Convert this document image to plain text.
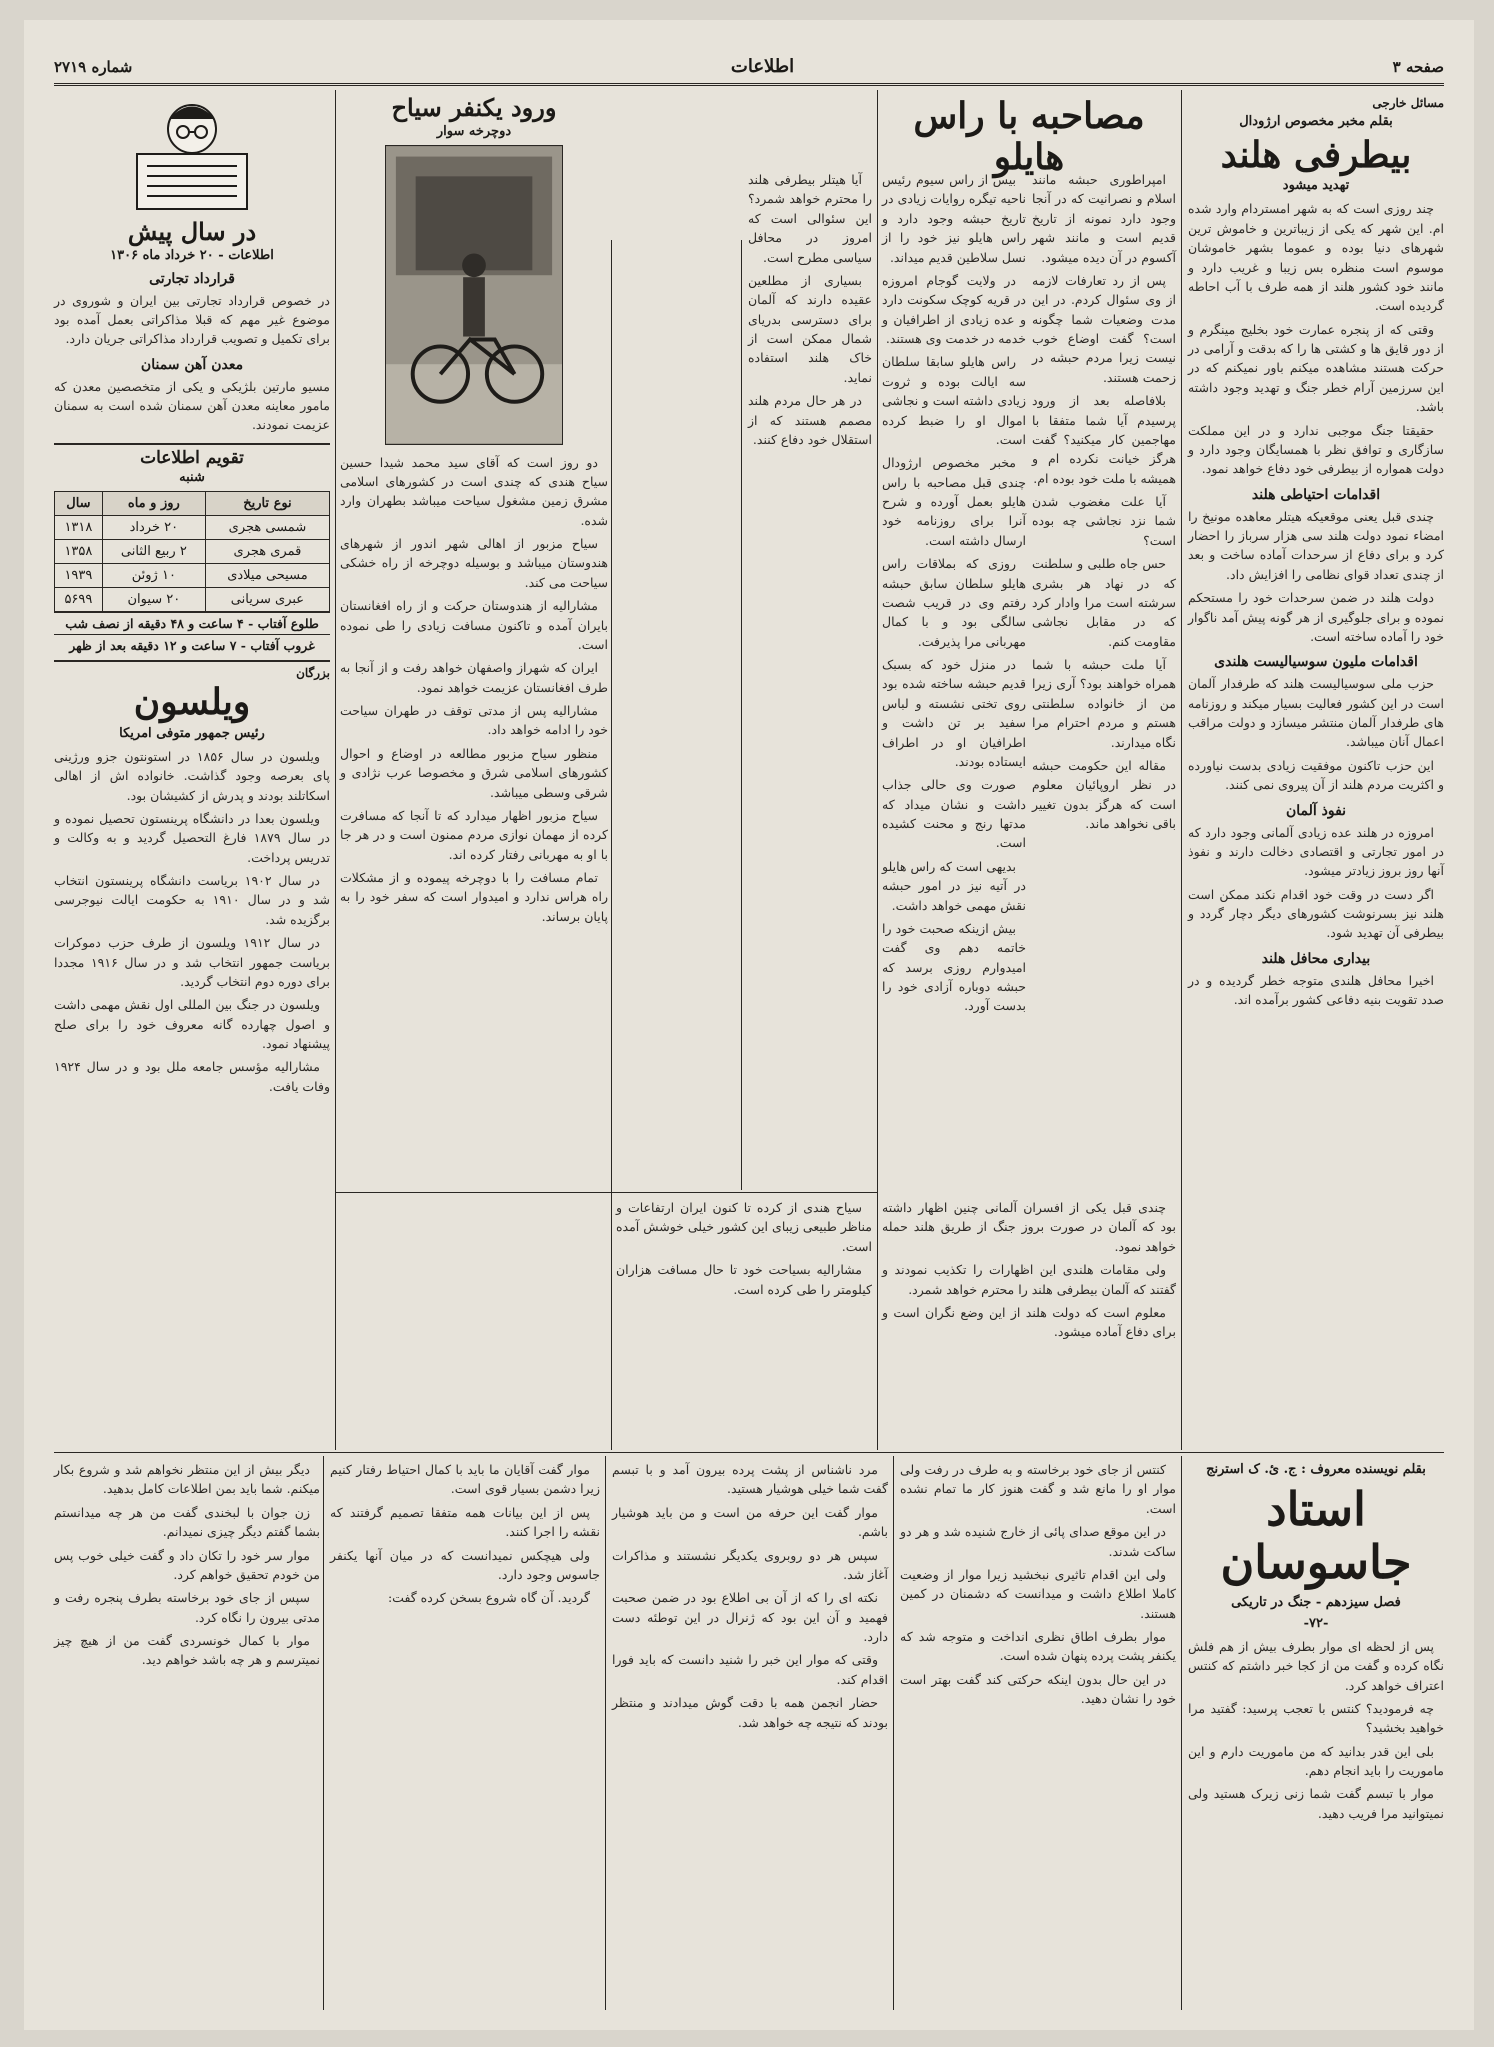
صفحه ۳
اطلاعات
شماره ۲۷۱۹
مسائل خارجی
بقلم مخبر مخصوص ارژودال
بیطرفی هلند
تهدید میشود

چند روزی است که به شهر امستردام وارد شده ام. این شهر که یکی از زیباترین و خاموش ترین شهرهای دنیا بوده و عموما بشهر خاموشان موسوم است منظره بس زیبا و غریب دارد و مانند خود کشور هلند از همه طرف با آب احاطه گردیده است.

وقتی که از پنجره عمارت خود بخلیج مینگرم و از دور قایق ها و کشتی ها را که بدقت و آرامی در حرکت هستند مشاهده میکنم باور نمیکنم که در این سرزمین آرام خطر جنگ و تهدید وجود داشته باشد.

حقیقتا جنگ موجبی ندارد و در این مملکت سازگاری و توافق نظر با همسایگان وجود دارد و دولت همواره از بیطرفی خود دفاع خواهد نمود.

اقدامات احتیاطی هلند

چندی قبل یعنی موقعیکه هیتلر معاهده مونیخ را امضاء نمود دولت هلند سی هزار سرباز را احضار کرد و برای دفاع از سرحدات آماده ساخت و بعد از چندی تعداد قوای نظامی را افزایش داد.

دولت هلند در ضمن سرحدات خود را مستحکم نموده و برای جلوگیری از هر گونه پیش آمد ناگوار خود را آماده ساخته است.

اقدامات ملیون سوسیالیست هلندی

حزب ملی سوسیالیست هلند که طرفدار آلمان است در این کشور فعالیت بسیار میکند و روزنامه های طرفدار آلمان منتشر میسازد و دولت مراقب اعمال آنان میباشد.

این حزب تاکنون موفقیت زیادی بدست نیاورده و اکثریت مردم هلند از آن پیروی نمی کنند.

نفوذ آلمان

امروزه در هلند عده زیادی آلمانی وجود دارد که در امور تجارتی و اقتصادی دخالت دارند و نفوذ آنها روز بروز زیادتر میشود.

اگر دست در وقت خود اقدام نکند ممکن است هلند نیز بسرنوشت کشورهای دیگر دچار گردد و بیطرفی آن تهدید شود.

بیداری محافل هلند

اخیرا محافل هلندی متوجه خطر گردیده و در صدد تقویت بنیه دفاعی کشور برآمده اند.

مصاحبه با راس هایلو

امپراطوری حبشه مانند اسلام و نصرانیت که در آنجا وجود دارد نمونه از تاریخ قدیم است و مانند شهر آکسوم در آن دیده میشود.

پس از رد تعارفات لازمه از وی سئوال کردم. در این مدت وضعیات شما چگونه است؟ گفت اوضاع خوب نیست زیرا مردم حبشه در زحمت هستند.

بلافاصله بعد از ورود پرسیدم آیا شما متفقا با مهاجمین کار میکنید؟ گفت هرگز خیانت نکرده ام و همیشه با ملت خود بوده ام.

آیا علت مغضوب شدن شما نزد نجاشی چه بوده است؟

حس جاه طلبی و سلطنت که در نهاد هر بشری سرشته است مرا وادار کرد که در مقابل نجاشی مقاومت کنم.

آیا ملت حبشه با شما همراه خواهند بود؟ آری زیرا من از خانواده سلطنتی هستم و مردم احترام مرا نگاه میدارند.

مقاله این حکومت حبشه در نظر اروپائیان معلوم است که هرگز بدون تغییر باقی نخواهد ماند.

بیس از راس سیوم رئیس ناحیه تیگره روایات زیادی در تاریخ حبشه وجود دارد و راس هایلو نیز خود را از نسل سلاطین قدیم میداند.

در ولایت گوجام امروزه در قریه کوچک سکونت دارد و عده زیادی از اطرافیان و خدمه در خدمت وی هستند.

راس هایلو سابقا سلطان سه ایالت بوده و ثروت زیادی داشته است و نجاشی اموال او را ضبط کرده است.

مخبر مخصوص ارژودال چندی قبل مصاحبه با راس هایلو بعمل آورده و شرح آنرا برای روزنامه خود ارسال داشته است.

روزی که بملاقات راس هایلو سلطان سابق حبشه رفتم وی در قریب شصت سالگی بود و با کمال مهربانی مرا پذیرفت.

در منزل خود که بسبک قدیم حبشه ساخته شده بود روی تختی نشسته و لباس سفید بر تن داشت و اطرافیان او در اطراف ایستاده بودند.

صورت وی حالی جذاب داشت و نشان میداد که مدتها رنج و محنت کشیده است.

بدیهی است که راس هایلو در آتیه نیز در امور حبشه نقش مهمی خواهد داشت.

بیش ازینکه صحبت خود را خاتمه دهم وی گفت امیدوارم روزی برسد که حبشه دوباره آزادی خود را بدست آورد.

آیا هیتلر بیطرفی هلند را محترم خواهد شمرد؟ این سئوالی است که امروز در محافل سیاسی مطرح است.

بسیاری از مطلعین عقیده دارند که آلمان برای دسترسی بدریای شمال ممکن است از خاک هلند استفاده نماید.

در هر حال مردم هلند مصمم هستند که از استقلال خود دفاع کنند.

چندی قبل یکی از افسران آلمانی چنین اظهار داشته بود که آلمان در صورت بروز جنگ از طریق هلند حمله خواهد نمود.

ولی مقامات هلندی این اظهارات را تکذیب نمودند و گفتند که آلمان بیطرفی هلند را محترم خواهد شمرد.

معلوم است که دولت هلند از این وضع نگران است و برای دفاع آماده میشود.

سیاح هندی از کرده تا کنون ایران ارتفاعات و مناظر طبیعی زیبای این کشور خیلی خوشش آمده است.

مشارالیه بسیاحت خود تا حال مسافت هزاران کیلومتر را طی کرده است.

ورود یکنفر سیاح
دوچرخه سوار

دو روز است که آقای سید محمد شیدا حسین سیاح هندی که چندی است در کشورهای اسلامی مشرق زمین مشغول سیاحت میباشد بطهران وارد شده.

سیاح مزبور از اهالی شهر اندور از شهرهای هندوستان میباشد و بوسیله دوچرخه از راه خشکی سیاحت می کند.

مشارالیه از هندوستان حرکت و از راه افغانستان بایران آمده و تاکنون مسافت زیادی را طی نموده است.

ایران که شهراز واصفهان خواهد رفت و از آنجا به طرف افغانستان عزیمت خواهد نمود.

مشارالیه پس از مدتی توقف در طهران سیاحت خود را ادامه خواهد داد.

منظور سیاح مزبور مطالعه در اوضاع و احوال کشورهای اسلامی شرق و مخصوصا عرب نژادی و شرقی وسطی میباشد.

سیاح مزبور اظهار میدارد که تا آنجا که مسافرت کرده از مهمان نوازی مردم ممنون است و در هر جا با او به مهربانی رفتار کرده اند.

تمام مسافت را با دوچرخه پیموده و از مشکلات راه هراس ندارد و امیدوار است که سفر خود را به پایان برساند.

در سال پیش
اطلاعات - ۲۰ خرداد ماه ۱۳۰۶
قرارداد تجارتی
در خصوص قرارداد تجارتی بین ایران و شوروی در موضوع غیر مهم که قبلا مذاکراتی بعمل آمده بود برای تکمیل و تصویب قرارداد مذاکراتی جریان دارد.
معدن آهن سمنان
مسیو مارتین بلژیکی و یکی از متخصصین معدن که مامور معاینه معدن آهن سمنان شده است به سمنان عزیمت نمودند.
تقویم اطلاعات
شنبه
نوع تاریخ	روز و ماه	سال
شمسی هجری	۲۰ خرداد	۱۳۱۸
قمری هجری	۲ ربیع الثانی	۱۳۵۸
مسیحی میلادی	۱۰ ژوئن	۱۹۳۹
عبری سریانی	۲۰ سیوان	۵۶۹۹
طلوع آفتاب - ۴ ساعت و ۴۸ دقیقه از نصف شب
غروب آفتاب - ۷ ساعت و ۱۲ دقیقه بعد از ظهر
بزرگان
ویلسون
رئیس جمهور متوفی امریکا

ویلسون در سال ۱۸۵۶ در استونتون جزو ورژینی پای بعرصه وجود گذاشت. خانواده اش از اهالی اسکاتلند بودند و پدرش از کشیشان بود.

ویلسون بعدا در دانشگاه پرینستون تحصیل نموده و در سال ۱۸۷۹ فارغ التحصیل گردید و به وکالت و تدریس پرداخت.

در سال ۱۹۰۲ بریاست دانشگاه پرینستون انتخاب شد و در سال ۱۹۱۰ به حکومت ایالت نیوجرسی برگزیده شد.

در سال ۱۹۱۲ ویلسون از طرف حزب دموکرات بریاست جمهور انتخاب شد و در سال ۱۹۱۶ مجددا برای دوره دوم انتخاب گردید.

ویلسون در جنگ بین المللی اول نقش مهمی داشت و اصول چهارده گانه معروف خود را برای صلح پیشنهاد نمود.

مشارالیه مؤسس جامعه ملل بود و در سال ۱۹۲۴ وفات یافت.

بقلم نویسنده معروف : ج. ئ. ک استرنج
استاد جاسوسان
فصل سیزدهم - جنگ در تاریکی
-۷۲-

پس از لحظه ای موار بطرف بیش از هم فلش نگاه کرده و گفت من از کجا خبر داشتم که کنتس اعتراف خواهد کرد.

چه فرمودید؟ کنتس با تعجب پرسید: گفتید مرا خواهید بخشید؟

بلی این قدر بدانید که من ماموریت دارم و این ماموریت را باید انجام دهم.

موار با تبسم گفت شما زنی زیرک هستید ولی نمیتوانید مرا فریب دهید.

کنتس از جای خود برخاسته و به طرف در رفت ولی موار او را مانع شد و گفت هنوز کار ما تمام نشده است.

در این موقع صدای پائی از خارج شنیده شد و هر دو ساکت شدند.

ولی این اقدام تاثیری نبخشید زیرا موار از وضعیت کاملا اطلاع داشت و میدانست که دشمنان در کمین هستند.

موار بطرف اطاق نظری انداخت و متوجه شد که یکنفر پشت پرده پنهان شده است.

در این حال بدون اینکه حرکتی کند گفت بهتر است خود را نشان دهید.

مرد ناشناس از پشت پرده بیرون آمد و با تبسم گفت شما خیلی هوشیار هستید.

موار گفت این حرفه من است و من باید هوشیار باشم.

سپس هر دو روبروی یکدیگر نشستند و مذاکرات آغاز شد.

نکته ای را که از آن بی اطلاع بود در ضمن صحبت فهمید و آن این بود که ژنرال در این توطئه دست دارد.

وقتی که موار این خبر را شنید دانست که باید فورا اقدام کند.

حضار انجمن همه با دقت گوش میدادند و منتظر بودند که نتیجه چه خواهد شد.

موار گفت آقایان ما باید با کمال احتیاط رفتار کنیم زیرا دشمن بسیار قوی است.

پس از این بیانات همه متفقا تصمیم گرفتند که نقشه را اجرا کنند.

ولی هیچکس نمیدانست که در میان آنها یکنفر جاسوس وجود دارد.

گردید. آن گاه شروع بسخن کرده گفت:

دیگر بیش از این منتظر نخواهم شد و شروع بکار میکنم. شما باید بمن اطلاعات کامل بدهید.

زن جوان با لبخندی گفت من هر چه میدانستم بشما گفتم دیگر چیزی نمیدانم.

موار سر خود را تکان داد و گفت خیلی خوب پس من خودم تحقیق خواهم کرد.

سپس از جای خود برخاسته بطرف پنجره رفت و مدتی بیرون را نگاه کرد.

موار با کمال خونسردی گفت من از هیچ چیز نمیترسم و هر چه باشد خواهم دید.
